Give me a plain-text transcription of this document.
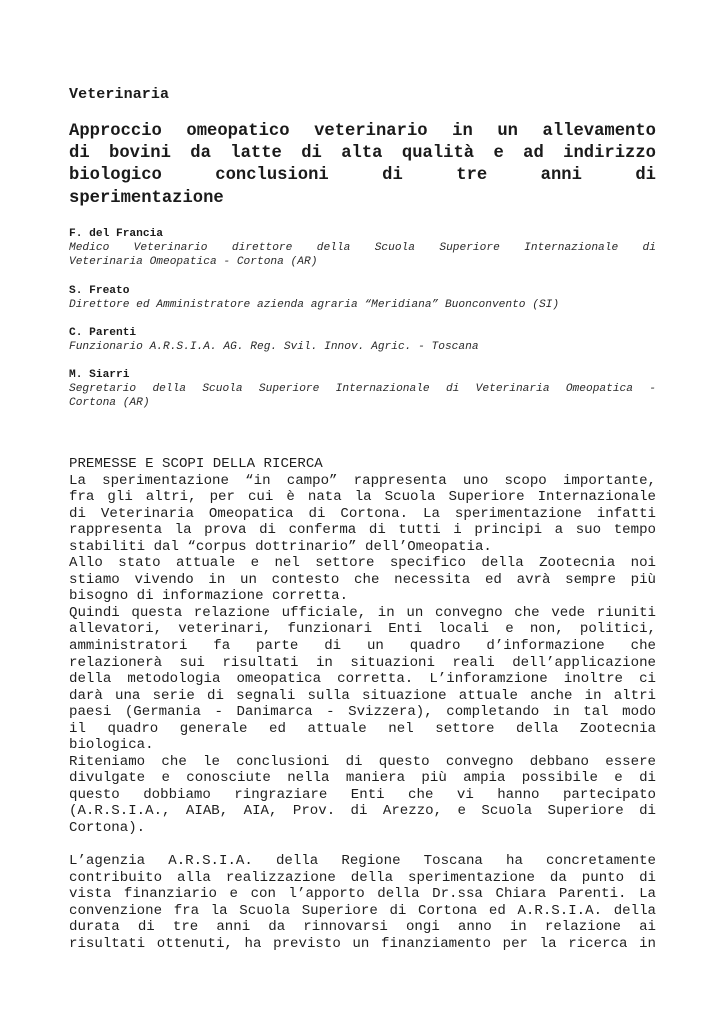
Veterinaria
Approccio omeopatico veterinario in un allevamento
di bovini da latte di alta qualità e ad indirizzo
biologico conclusioni di tre anni di
sperimentazione
F. del Francia
Medico Veterinario direttore della Scuola Superiore Internazionale di
Veterinaria Omeopatica - Cortona (AR)
S. Freato
Direttore ed Amministratore azienda agraria “Meridiana” Buonconvento (SI)
C. Parenti
Funzionario A.R.S.I.A. AG. Reg. Svil. Innov. Agric. - Toscana
M. Siarri
Segretario della Scuola Superiore Internazionale di Veterinaria Omeopatica -
Cortona (AR)
PREMESSE E SCOPI DELLA RICERCA
La sperimentazione “in campo” rappresenta uno scopo importante,
fra gli altri, per cui è nata la Scuola Superiore Internazionale
di Veterinaria Omeopatica di Cortona. La sperimentazione infatti
rappresenta la prova di conferma di tutti i principi a suo tempo
stabiliti dal “corpus dottrinario” dell’Omeopatia.
Allo stato attuale e nel settore specifico della Zootecnia noi
stiamo vivendo in un contesto che necessita ed avrà sempre più
bisogno di informazione corretta.
Quindi questa relazione ufficiale, in un convegno che vede riuniti
allevatori, veterinari, funzionari Enti locali e non, politici,
amministratori fa parte di un quadro d’informazione che
relazionerà sui risultati in situazioni reali dell’applicazione
della metodologia omeopatica corretta. L’inforamzione inoltre ci
darà una serie di segnali sulla situazione attuale anche in altri
paesi (Germania - Danimarca - Svizzera), completando in tal modo
il quadro generale ed attuale nel settore della Zootecnia
biologica.
Riteniamo che le conclusioni di questo convegno debbano essere
divulgate e conosciute nella maniera più ampia possibile e di
questo dobbiamo ringraziare Enti che vi hanno partecipato
(A.R.S.I.A., AIAB, AIA, Prov. di Arezzo, e Scuola Superiore di
Cortona).
L’agenzia A.R.S.I.A. della Regione Toscana ha concretamente
contribuito alla realizzazione della sperimentazione da punto di
vista finanziario e con l’apporto della Dr.ssa Chiara Parenti. La
convenzione fra la Scuola Superiore di Cortona ed A.R.S.I.A. della
durata di tre anni da rinnovarsi ongi anno in relazione ai
risultati ottenuti, ha previsto un finanziamento per la ricerca in
